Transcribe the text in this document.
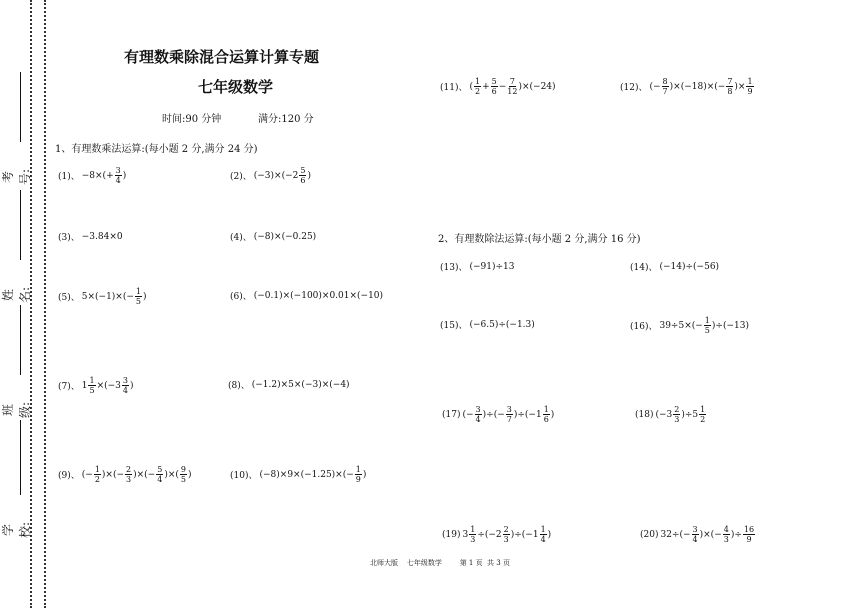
考号:
姓名:
班级:
学校:
有理数乘除混合运算计算专题
七年级数学
时间:90 分钟	满分:120 分
1、有理数乘法运算:(每小题 2 分,满分 24 分)
2、有理数除法运算:(每小题 2 分,满分 16 分)
(1)、 $-8\times(+ \frac{3}{4}$ )	(2)、 $(-3)\times(-2 \frac{5}{6}$ )
(3)、 −3.84×0	(4)、 (−8)×(−0.25)
(5)、 $5\times(-1)\times(- \frac{1}{5}$ )	(6)、 (−0.1)×(−100)×0.01×(−10)
(7)、 $1 \frac{1}{5} \times(-3 \frac{3}{4}$ )	(8)、 (−1.2)×5×(−3)×(−4)
(9)、 (− $\frac{1}{2}$ )×(− $\frac{2}{3}$ )×(− $\frac{5}{4}$ )×( $\frac{9}{5}$ )	(10)、 $(-8)\times 9\times(-1.25)\times(- \frac{1}{9}$ )
(11)、 ( $\frac{1}{2} + \frac{5}{6} - \frac{7}{12} )\times(-24)$	(12)、 (− $\frac{8}{7} )\times(-18)\times(- \frac{7}{8}$ )× $\frac{1}{9}$
(13)、 (−91)÷13	(14)、 (−14)÷(−56)
(15)、 (−6.5)÷(−1.3)	(16)、 $39\div 5\times(- \frac{1}{5} )\div(-13)$
(17) (− $\frac{3}{4}$ )÷(− $\frac{3}{7} )\div(-1 \frac{1}{6}$ )	(18) $(-3 \frac{2}{3} )\div 5 \frac{1}{2}$
(19) $3 \frac{1}{3} \div(-2 \frac{2}{3} )\div(-1 \frac{1}{4}$ )	(20) $32\div(- \frac{3}{4}$ )×(− $\frac{4}{3}$ )÷ $\frac{16}{9}$
北师大版    七年级数学        第 1 页  共 3 页
